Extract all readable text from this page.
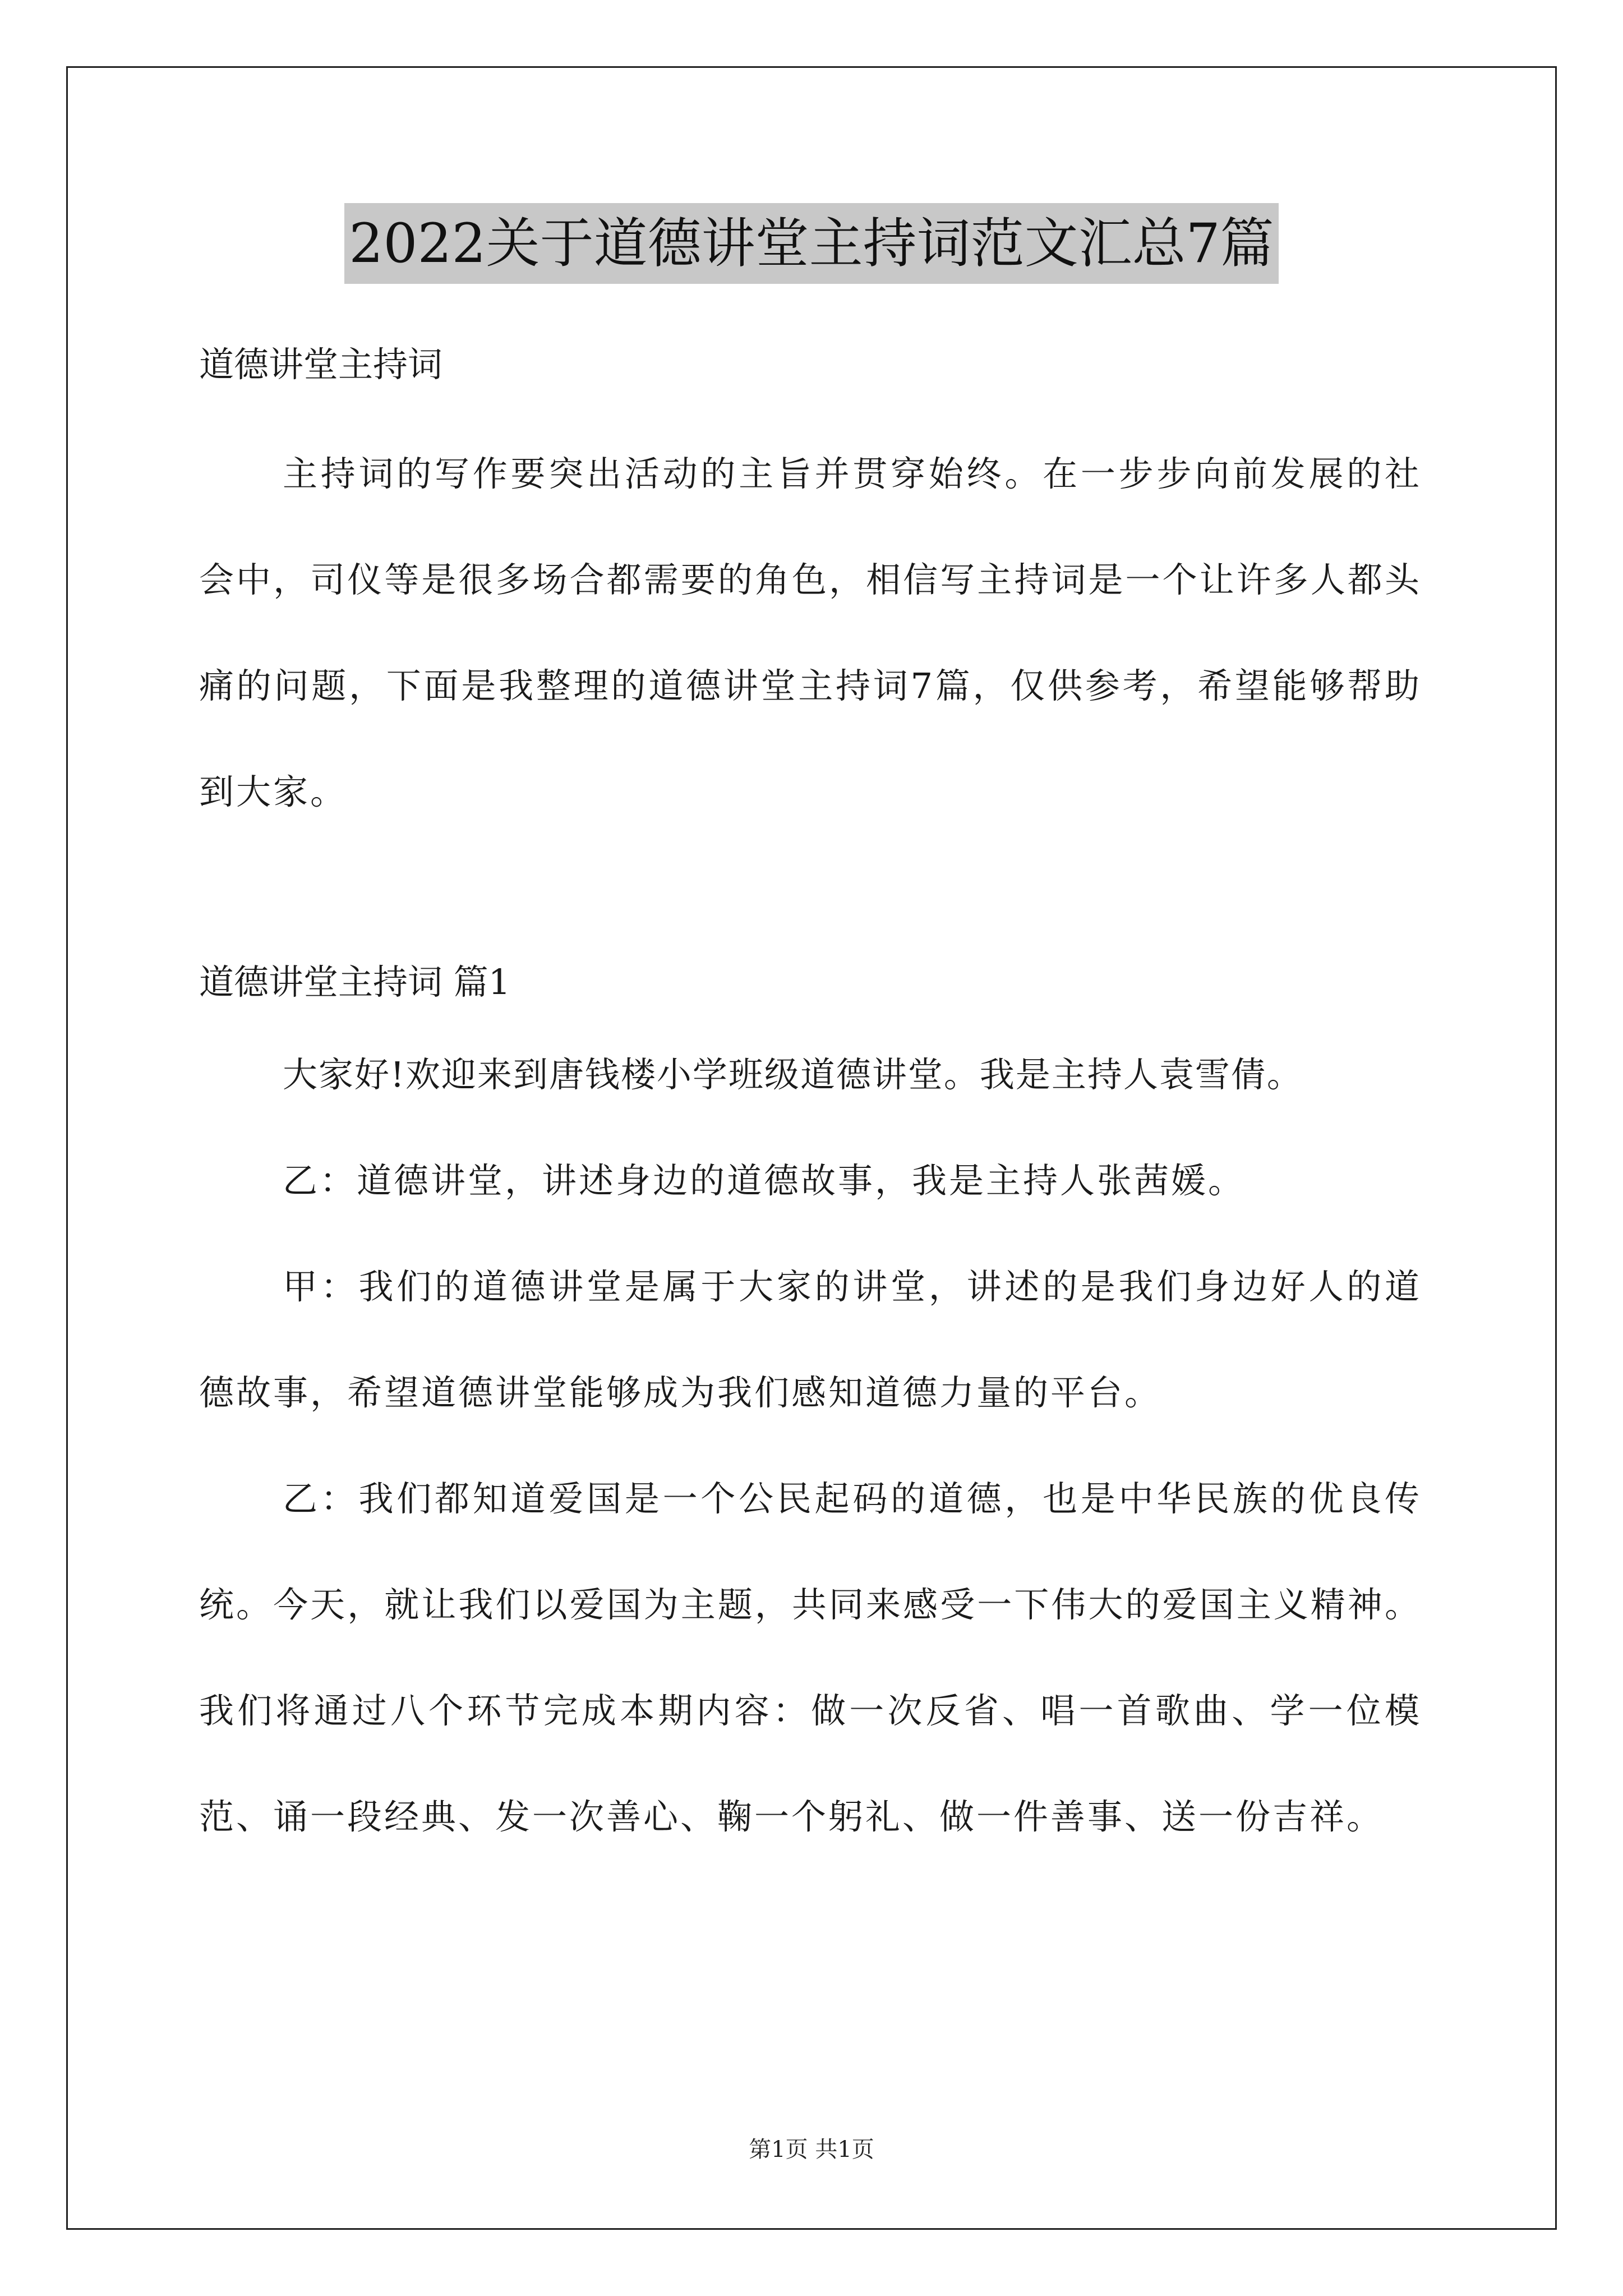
2022关于道德讲堂主持词范文汇总7篇

道德讲堂主持词

主持词的写作要突出活动的主旨并贯穿始终。在一步步向前发展的社会中，司仪等是很多场合都需要的角色，相信写主持词是一个让许多人都头痛的问题，下面是我整理的道德讲堂主持词7篇，仅供参考，希望能够帮助到大家。

道德讲堂主持词 篇1

大家好!欢迎来到唐钱楼小学班级道德讲堂。我是主持人袁雪倩。

乙：道德讲堂，讲述身边的道德故事，我是主持人张茜媛。

甲：我们的道德讲堂是属于大家的讲堂，讲述的是我们身边好人的道德故事，希望道德讲堂能够成为我们感知道德力量的平台。

乙：我们都知道爱国是一个公民起码的道德，也是中华民族的优良传统。今天，就让我们以爱国为主题，共同来感受一下伟大的爱国主义精神。我们将通过八个环节完成本期内容：做一次反省、唱一首歌曲、学一位模范、诵一段经典、发一次善心、鞠一个躬礼、做一件善事、送一份吉祥。

第1页 共1页
